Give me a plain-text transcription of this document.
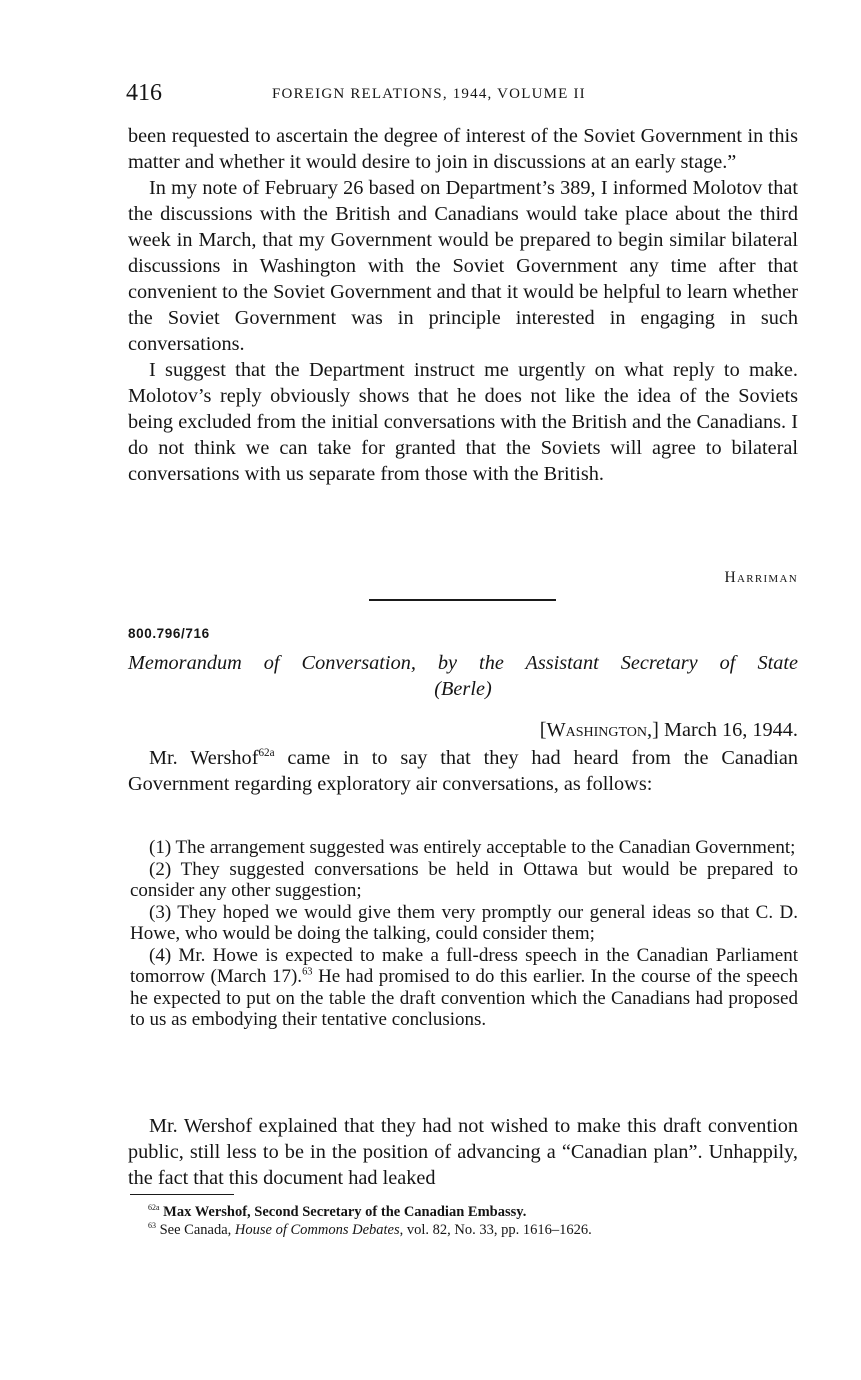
416	FOREIGN RELATIONS, 1944, VOLUME II

been requested to ascertain the degree of interest of the Soviet Government in this matter and whether it would desire to join in discussions at an early stage.”

In my note of February 26 based on Department’s 389, I informed Molotov that the discussions with the British and Canadians would take place about the third week in March, that my Government would be prepared to begin similar bilateral discussions in Washington with the Soviet Government any time after that convenient to the Soviet Government and that it would be helpful to learn whether the Soviet Government was in principle interested in engaging in such conversations.

I suggest that the Department instruct me urgently on what reply to make. Molotov’s reply obviously shows that he does not like the idea of the Soviets being excluded from the initial conversations with the British and the Canadians. I do not think we can take for granted that the Soviets will agree to bilateral conversations with us separate from those with the British.

Harriman
800.796/716
Memorandum of Conversation, by the Assistant Secretary of State
(Berle)
[Washington,] March 16, 1944.

Mr. Wershof$^{62a}$ came in to say that they had heard from the Canadian Government regarding exploratory air conversations, as follows:

(1) The arrangement suggested was entirely acceptable to the Canadian Government;

(2) They suggested conversations be held in Ottawa but would be prepared to consider any other suggestion;

(3) They hoped we would give them very promptly our general ideas so that C. D. Howe, who would be doing the talking, could consider them;

(4) Mr. Howe is expected to make a full-dress speech in the Canadian Parliament tomorrow (March 17).$^{63}$ He had promised to do this earlier. In the course of the speech he expected to put on the table the draft convention which the Canadians had proposed to us as embodying their tentative conclusions.

Mr. Wershof explained that they had not wished to make this draft convention public, still less to be in the position of advancing a “Canadian plan”. Unhappily, the fact that this document had leaked

$^{62a}$ Max Wershof, Second Secretary of the Canadian Embassy.

$^{63}$ See Canada, House of Commons Debates, vol. 82, No. 33, pp. 1616–1626.
